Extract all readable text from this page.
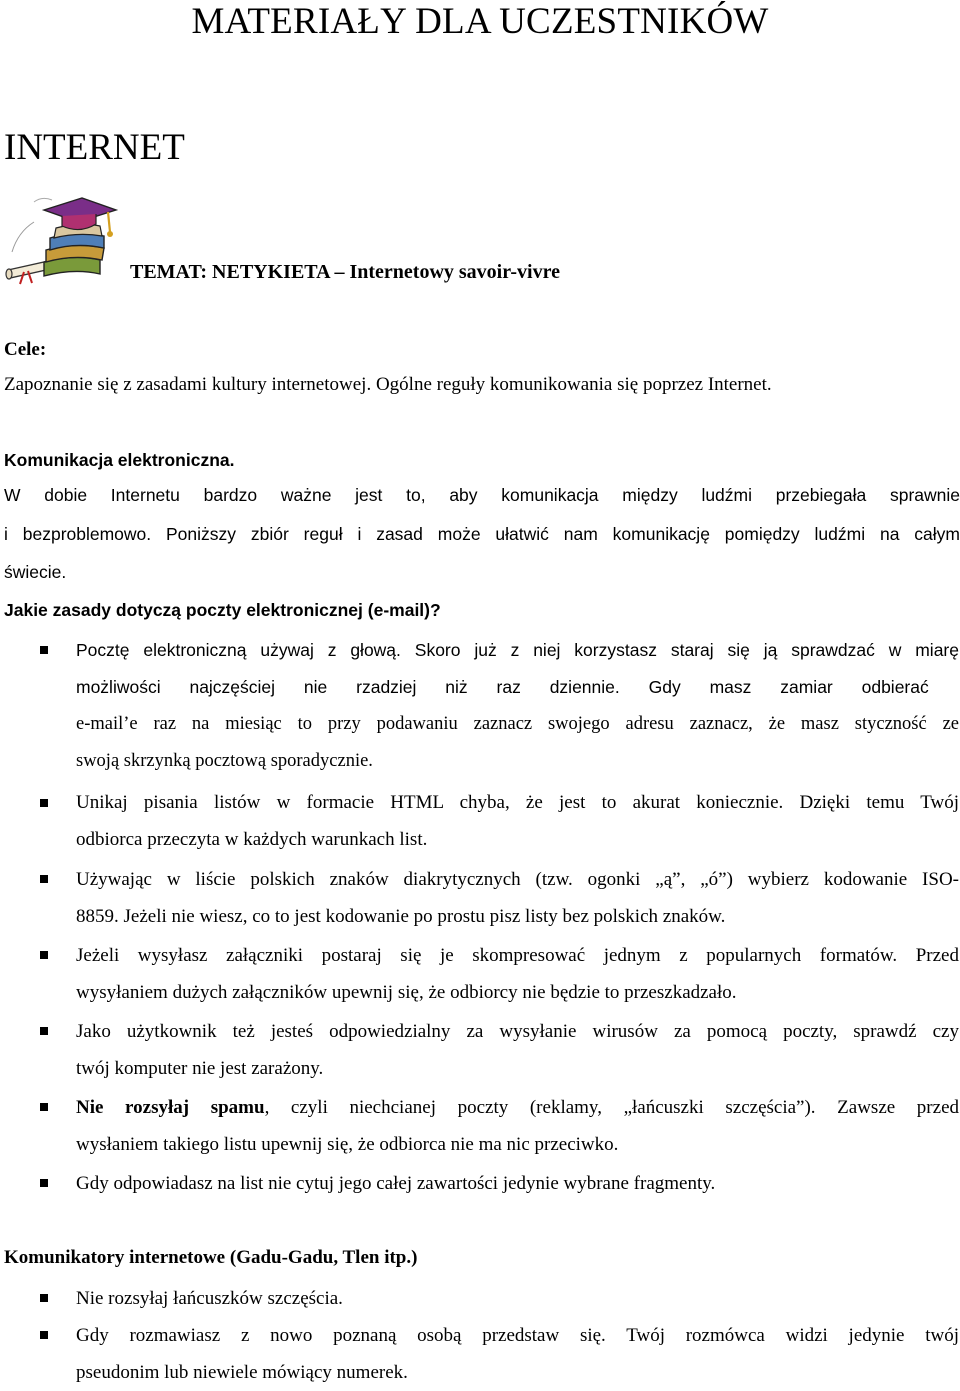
MATERIAŁY DLA UCZESTNIKÓW
INTERNET
TEMAT: NETYKIETA – Internetowy savoir-vivre
Cele:
Zapoznanie się z zasadami kultury internetowej. Ogólne reguły komunikowania się poprzez Internet.
Komunikacja elektroniczna.
W dobie Internetu bardzo ważne jest to, aby komunikacja między ludźmi przebiegała sprawnie
i bezproblemowo. Poniższy zbiór reguł i zasad może ułatwić nam komunikację pomiędzy ludźmi na całym
świecie.
Jakie zasady dotyczą poczty elektronicznej (e-mail)?
Pocztę elektroniczną używaj z głową. Skoro już z niej korzystasz staraj się ją sprawdzać w miarę
możliwości najczęściej nie rzadziej niż raz dziennie. Gdy masz zamiar odbierać
e-mail’e raz na miesiąc to przy podawaniu zaznacz swojego adresu zaznacz, że masz styczność ze
swoją skrzynką pocztową sporadycznie.
Unikaj pisania listów w formacie HTML chyba, że jest to akurat koniecznie. Dzięki temu Twój
odbiorca przeczyta w każdych warunkach list.
Używając w liście polskich znaków diakrytycznych (tzw. ogonki „ą”, „ó”) wybierz kodowanie ISO-
8859. Jeżeli nie wiesz, co to jest kodowanie po prostu pisz listy bez polskich znaków.
Jeżeli wysyłasz załączniki postaraj się je skompresować jednym z popularnych formatów. Przed
wysyłaniem dużych załączników upewnij się, że odbiorcy nie będzie to przeszkadzało.
Jako użytkownik też jesteś odpowiedzialny za wysyłanie wirusów za pomocą poczty, sprawdź czy
twój komputer nie jest zarażony.
Nie rozsyłaj spamu, czyli niechcianej poczty (reklamy, „łańcuszki szczęścia”). Zawsze przed
wysłaniem takiego listu upewnij się, że odbiorca nie ma nic przeciwko.
Gdy odpowiadasz na list nie cytuj jego całej zawartości jedynie wybrane fragmenty.
Komunikatory internetowe (Gadu-Gadu, Tlen itp.)
Nie rozsyłaj łańcuszków szczęścia.
Gdy rozmawiasz z nowo poznaną osobą przedstaw się. Twój rozmówca widzi jedynie twój
pseudonim lub niewiele mówiący numerek.
